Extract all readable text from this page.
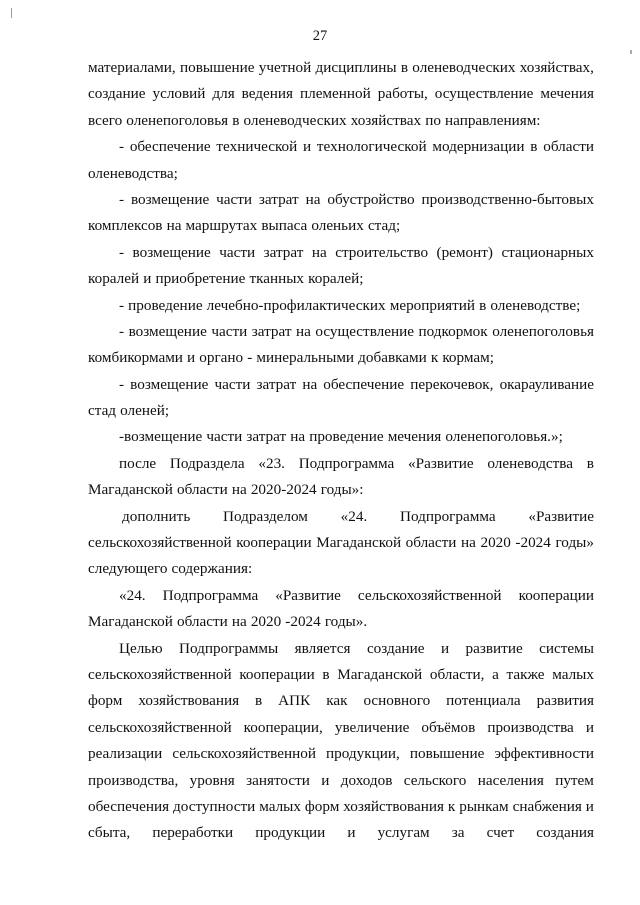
27
материалами, повышение учетной дисциплины в оленеводческих хозяйствах,
создание условий для ведения племенной работы, осуществление мечения
всего оленепоголовья в оленеводческих хозяйствах по направлениям:
- обеспечение технической и технологической модернизации в области
оленеводства;
- возмещение части затрат на обустройство производственно-бытовых
комплексов на маршрутах выпаса оленьих стад;
- возмещение части затрат на строительство (ремонт) стационарных
коралей и приобретение тканных коралей;
- проведение лечебно-профилактических мероприятий в оленеводстве;
- возмещение части затрат на осуществление подкормок оленепоголовья
комбикормами и органо - минеральными добавками к кормам;
- возмещение части затрат на обеспечение перекочевок, окарауливание
стад оленей;
-возмещение части затрат на проведение мечения оленепоголовья.»;
после Подраздела «23. Подпрограмма «Развитие оленеводства в
Магаданской области на 2020-2024 годы»:
дополнить Подразделом «24. Подпрограмма «Развитие
сельскохозяйственной кооперации Магаданской области на 2020 -2024 годы»
следующего содержания:
«24. Подпрограмма «Развитие сельскохозяйственной кооперации
Магаданской области на 2020 -2024 годы».
Целью Подпрограммы является создание и развитие системы
сельскохозяйственной кооперации в Магаданской области, а также малых
форм хозяйствования в АПК как основного потенциала развития
сельскохозяйственной кооперации, увеличение объёмов производства и
реализации сельскохозяйственной продукции, повышение эффективности
производства, уровня занятости и доходов сельского населения путем
обеспечения доступности малых форм хозяйствования к рынкам снабжения и
сбыта, переработки продукции и услугам за счет создания
